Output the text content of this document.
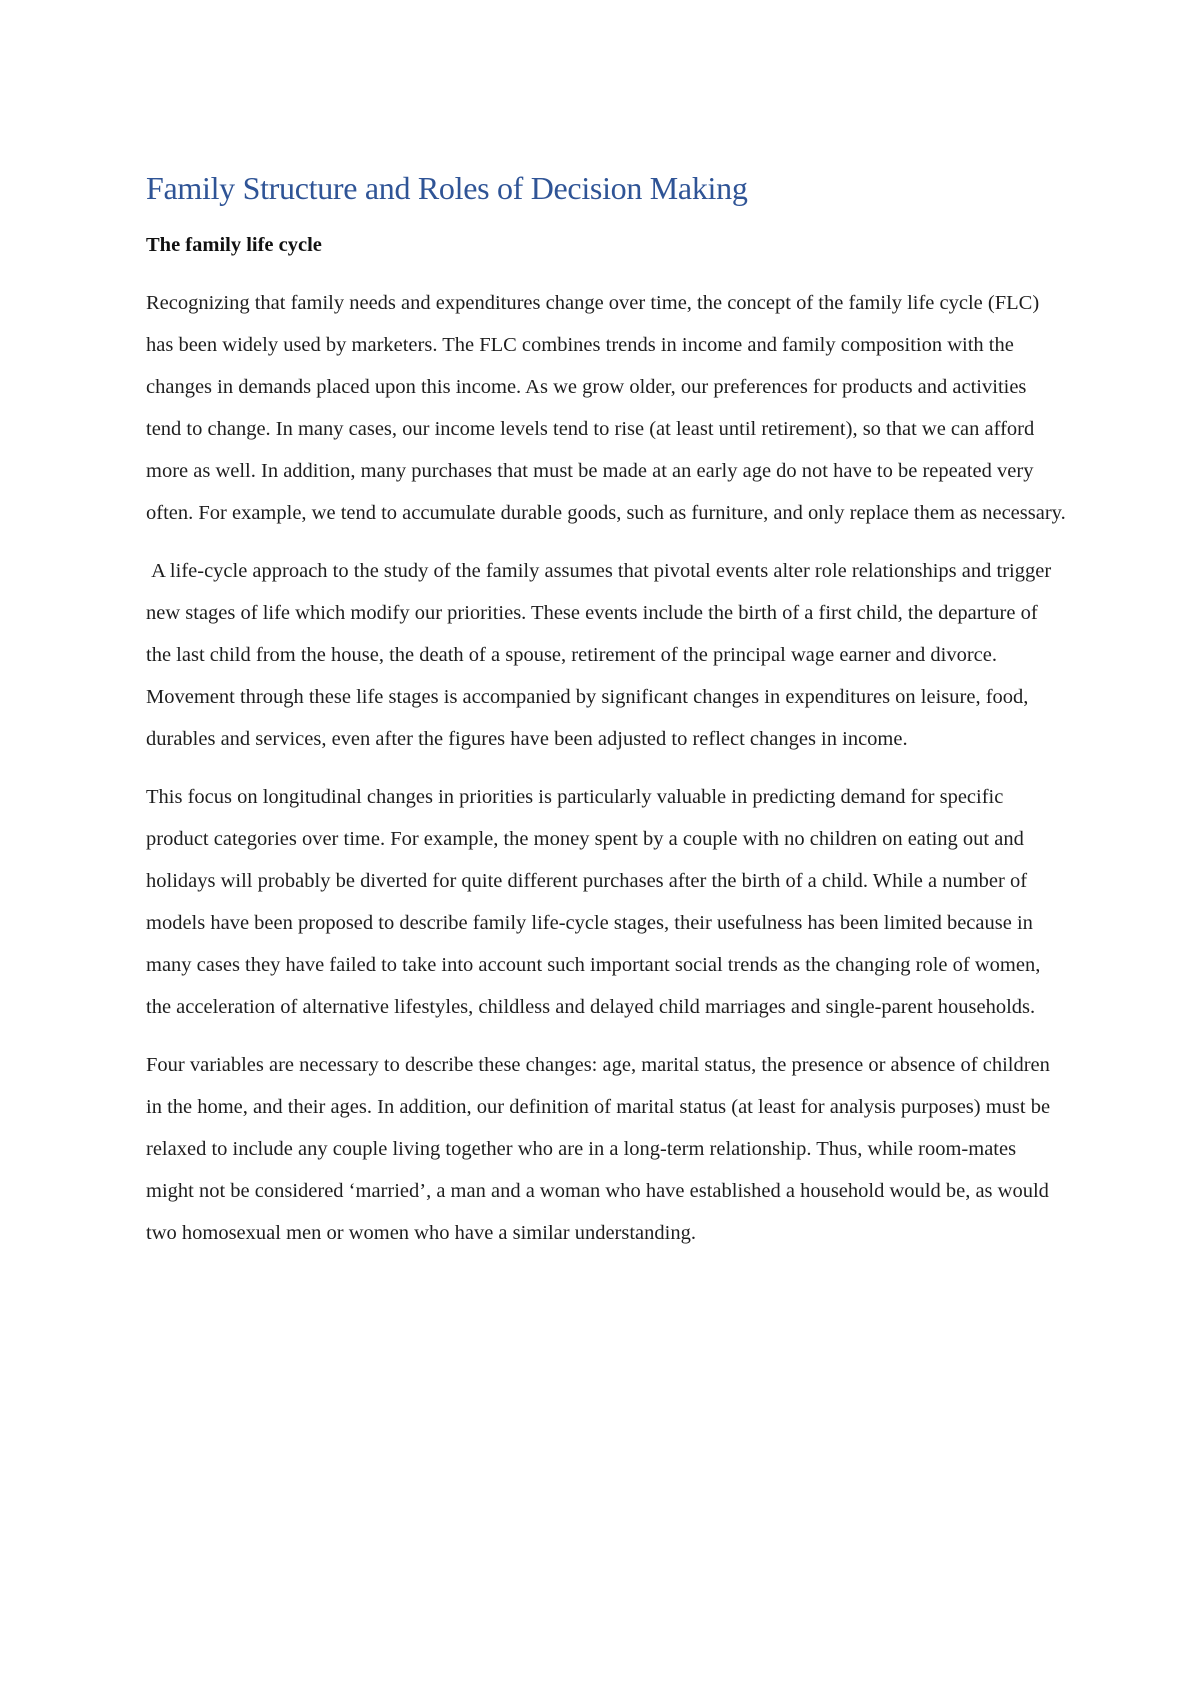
Family Structure and Roles of Decision Making
The family life cycle

Recognizing that family needs and expenditures change over time, the concept of the family life cycle (FLC) has been widely used by marketers. The FLC combines trends in income and family composition with the changes in demands placed upon this income. As we grow older, our preferences for products and activities tend to change. In many cases, our income levels tend to rise (at least until retirement), so that we can afford more as well. In addition, many purchases that must be made at an early age do not have to be repeated very often. For example, we tend to accumulate durable goods, such as furniture, and only replace them as necessary.

A life-cycle approach to the study of the family assumes that pivotal events alter role relationships and trigger new stages of life which modify our priorities. These events include the birth of a first child, the departure of the last child from the house, the death of a spouse, retirement of the principal wage earner and divorce. Movement through these life stages is accompanied by significant changes in expenditures on leisure, food, durables and services, even after the figures have been adjusted to reflect changes in income.

This focus on longitudinal changes in priorities is particularly valuable in predicting demand for specific product categories over time. For example, the money spent by a couple with no children on eating out and holidays will probably be diverted for quite different purchases after the birth of a child. While a number of models have been proposed to describe family life-cycle stages, their usefulness has been limited because in many cases they have failed to take into account such important social trends as the changing role of women, the acceleration of alternative lifestyles, childless and delayed child marriages and single-parent households.

Four variables are necessary to describe these changes: age, marital status, the presence or absence of children in the home, and their ages. In addition, our definition of marital status (at least for analysis purposes) must be relaxed to include any couple living together who are in a long-term relationship. Thus, while room-mates might not be considered ‘married’, a man and a woman who have established a household would be, as would two homosexual men or women who have a similar understanding.
